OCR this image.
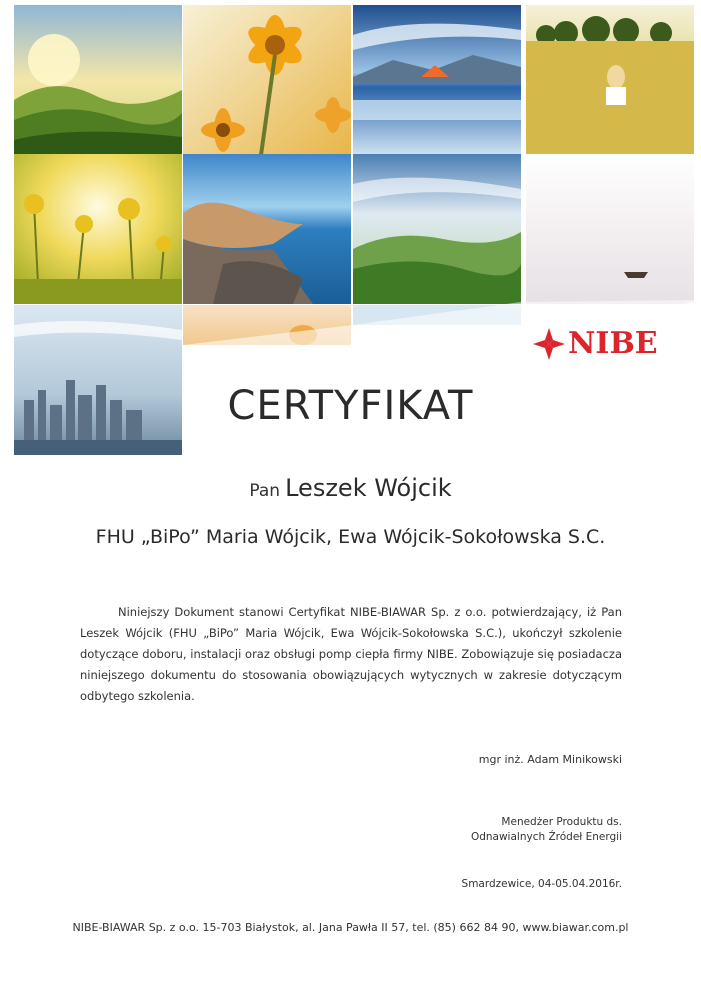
NIBE
CERTYFIKAT
Pan Leszek Wójcik
FHU „BiPo” Maria Wójcik, Ewa Wójcik-Sokołowska S.C.
Niniejszy Dokument stanowi Certyfikat NIBE-BIAWAR Sp. z o.o. potwierdzający, iż Pan Leszek Wójcik (FHU „BiPo” Maria Wójcik, Ewa Wójcik-Sokołowska S.C.), ukończył szkolenie dotyczące doboru, instalacji oraz obsługi pomp ciepła firmy NIBE. Zobowiązuje się posiadacza niniejszego dokumentu do stosowania obowiązujących wytycznych w zakresie dotyczącym odbytego szkolenia.
mgr inż. Adam Minikowski
Menedżer Produktu ds.
Odnawialnych Źródeł Energii
Smardzewice, 04-05.04.2016r.
NIBE-BIAWAR Sp. z o.o. 15-703 Białystok, al. Jana Pawła II 57, tel. (85) 662 84 90, www.biawar.com.pl
